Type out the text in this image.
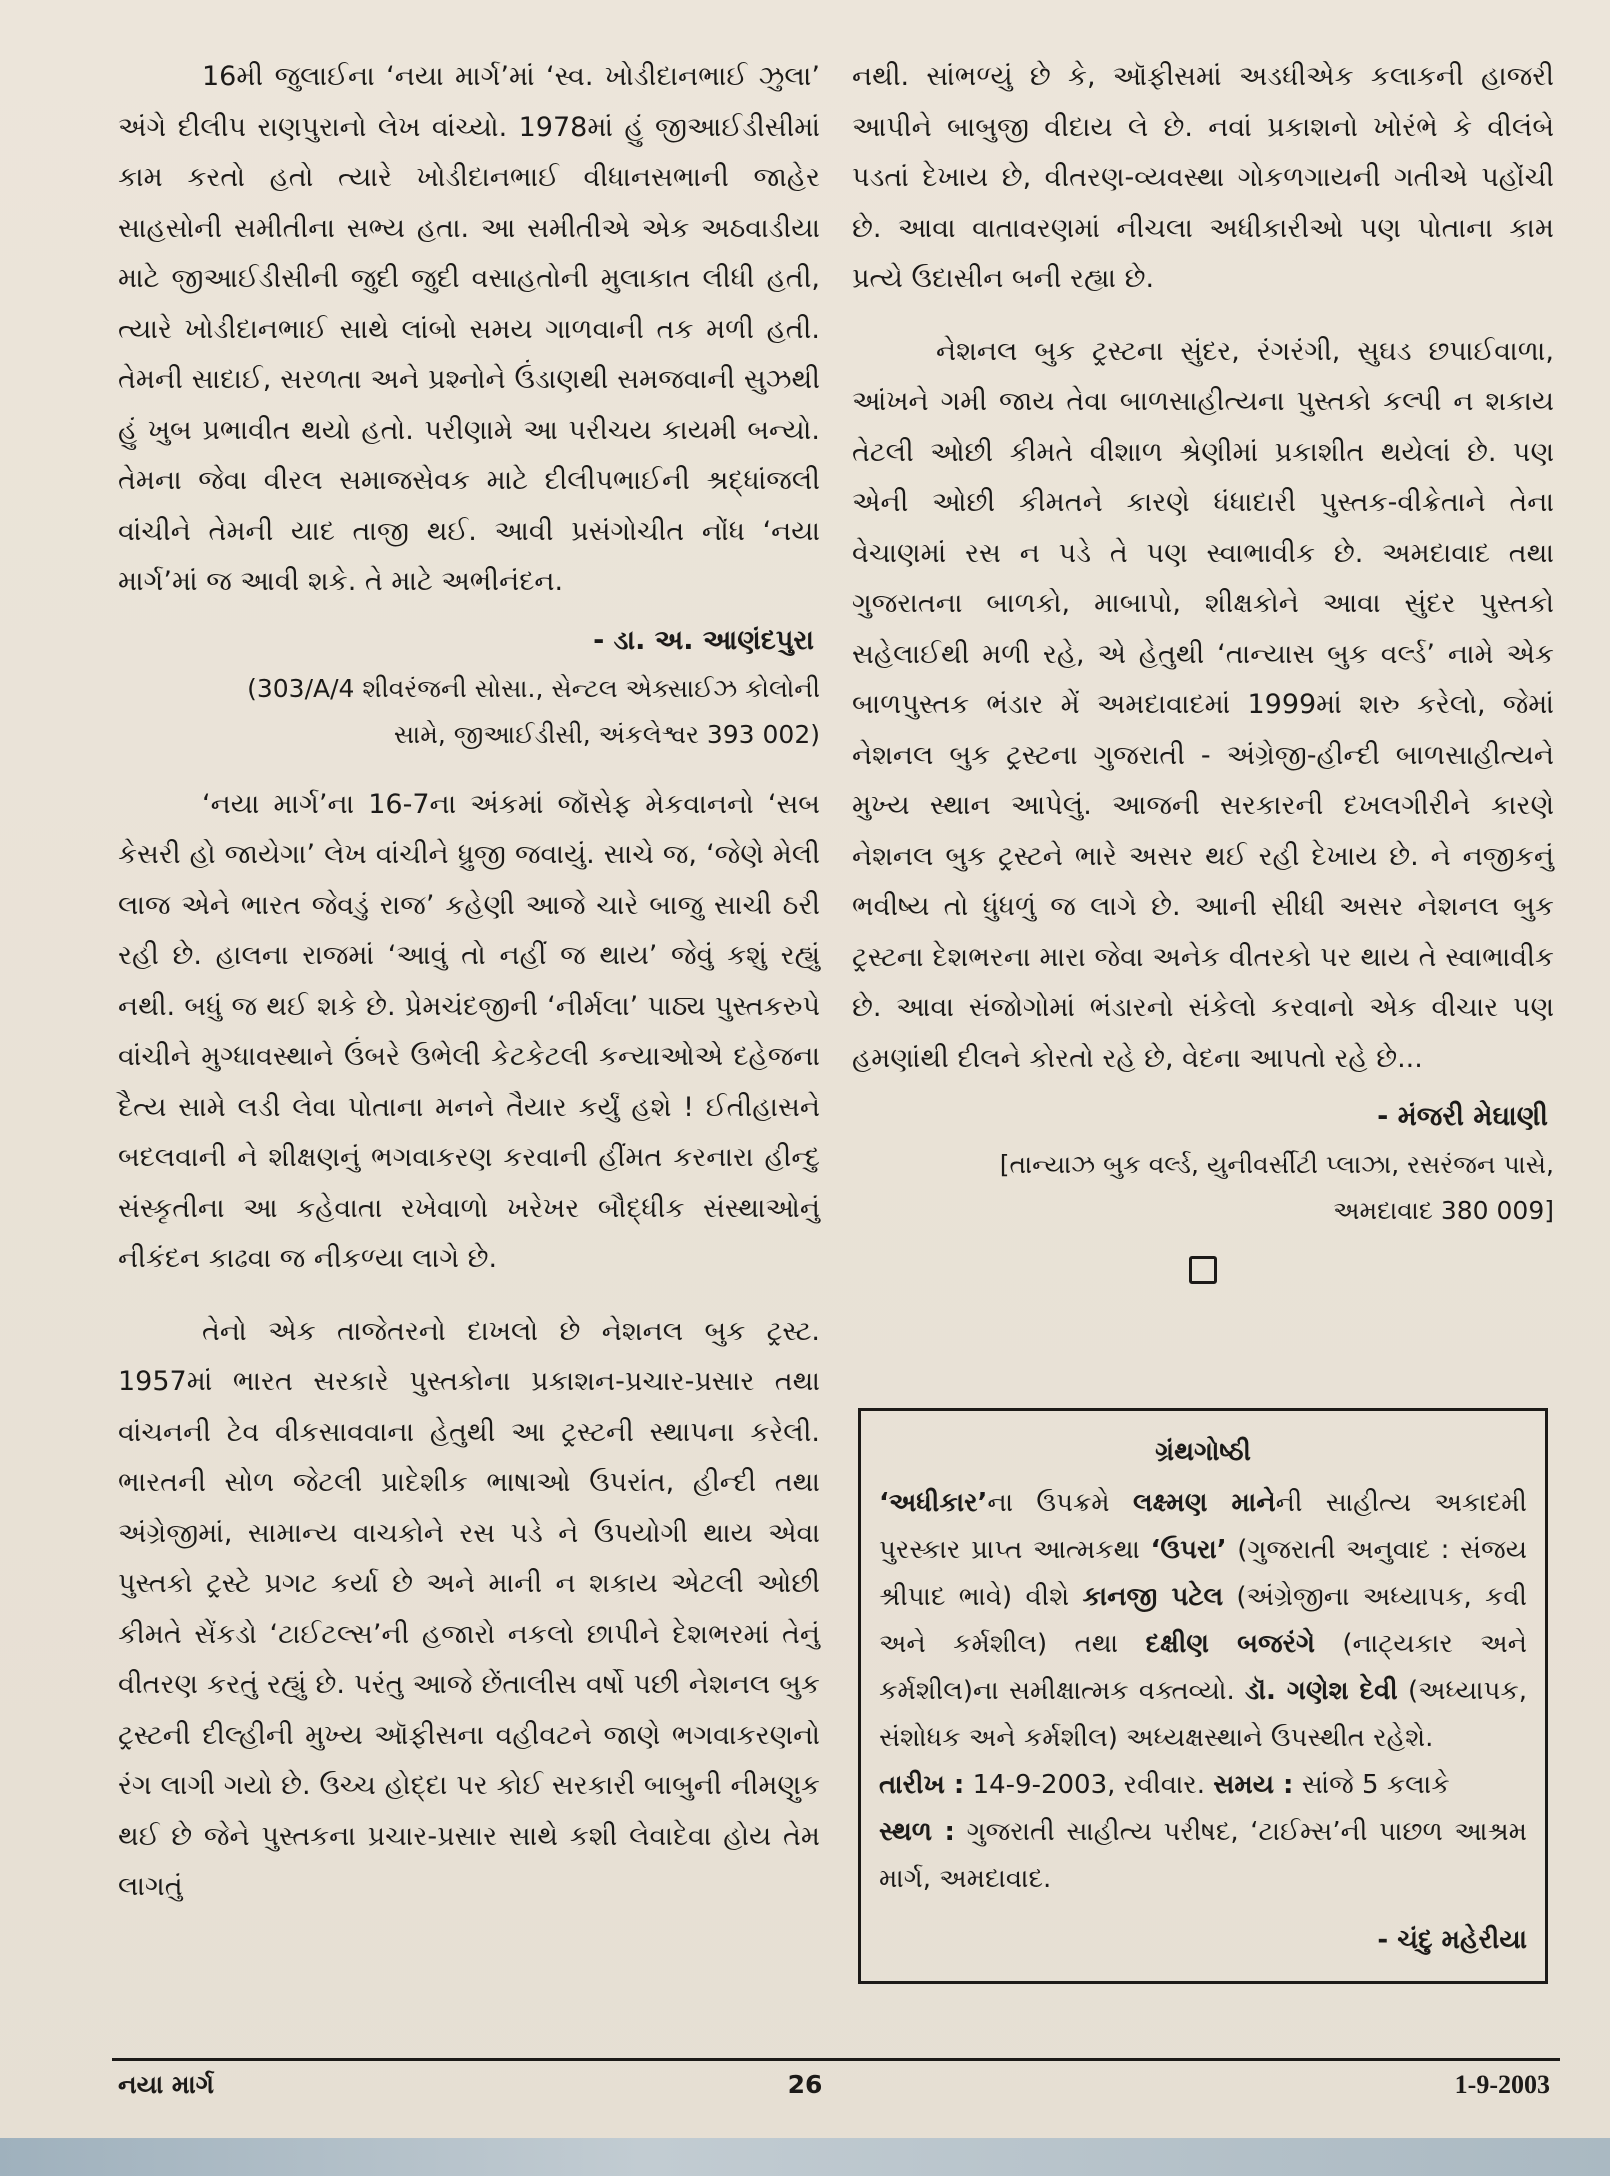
16મી જુલાઈના ‘નયા માર્ગ’માં ‘સ્વ. ખોડીદાનભાઈ ઝુલા’ અંગે દીલીપ રાણપુરાનો લેખ વાંચ્યો. 1978માં હું જીઆઈડીસીમાં કામ કરતો હતો ત્યારે ખોડીદાનભાઈ વીધાનસભાની જાહેર સાહસોની સમીતીના સભ્ય હતા. આ સમીતીએ એક અઠવાડીયા માટે જીઆઈડીસીની જુદી જુદી વસાહતોની મુલાકાત લીધી હતી, ત્યારે ખોડીદાનભાઈ સાથે લાંબો સમય ગાળવાની તક મળી હતી. તેમની સાદાઈ, સરળતા અને પ્રશ્નોને ઉંડાણથી સમજવાની સુઝથી હું ખુબ પ્રભાવીત થયો હતો. પરીણામે આ પરીચય કાયમી બન્યો. તેમના જેવા વીરલ સમાજસેવક માટે દીલીપભાઈની શ્રદ્ધાંજલી વાંચીને તેમની યાદ તાજી થઈ. આવી પ્રસંગોચીત નોંધ ‘નયા માર્ગ’માં જ આવી શકે. તે માટે અભીનંદન.

- ડા. અ. આણંદપુરા
(303/A/4 શીવરંજની સોસા., સેન્ટલ એક્સાઈઝ કોલોની
સામે, જીઆઈડીસી, અંકલેશ્વર 393 002)

‘નયા માર્ગ’ના 16-7ના અંકમાં જૉસેફ મેકવાનનો ‘સબ કેસરી હો જાયેગા’ લેખ વાંચીને ધ્રુજી જવાયું. સાચે જ, ‘જેણે મેલી લાજ એને ભારત જેવડું રાજ’ કહેણી આજે ચારે બાજુ સાચી ઠરી રહી છે. હાલના રાજમાં ‘આવું તો નહીં જ થાય’ જેવું કશું રહ્યું નથી. બધું જ થઈ શકે છે. પ્રેમચંદજીની ‘નીર્મલા’ પાઠ્ય પુસ્તકરુપે વાંચીને મુગ્ધાવસ્થાને ઉંબરે ઉભેલી કેટકેટલી કન્યાઓએ દહેજના દૈત્ય સામે લડી લેવા પોતાના મનને તૈયાર કર્યું હશે ! ઈતીહાસને બદલવાની ને શીક્ષણનું ભગવાકરણ કરવાની હીંમત કરનારા હીન્દુ સંસ્કૃતીના આ કહેવાતા રખેવાળો ખરેખર બૌદ્ધીક સંસ્થાઓનું નીકંદન કાઢવા જ નીકળ્યા લાગે છે.

તેનો એક તાજેતરનો દાખલો છે નેશનલ બુક ટ્રસ્ટ. 1957માં ભારત સરકારે પુસ્તકોના પ્રકાશન-પ્રચાર-પ્રસાર તથા વાંચનની ટેવ વીકસાવવાના હેતુથી આ ટ્રસ્ટની સ્થાપના કરેલી. ભારતની સોળ જેટલી પ્રાદેશીક ભાષાઓ ઉપરાંત, હીન્દી તથા અંગ્રેજીમાં, સામાન્ય વાચકોને રસ પડે ને ઉપયોગી થાય એવા પુસ્તકો ટ્રસ્ટે પ્રગટ કર્યા છે અને માની ન શકાય એટલી ઓછી કીમતે સેંકડો ‘ટાઈટલ્સ’ની હજારો નકલો છાપીને દેશભરમાં તેનું વીતરણ કરતું રહ્યું છે. પરંતુ આજે છેંતાલીસ વર્ષો પછી નેશનલ બુક ટ્રસ્ટની દીલ્હીની મુખ્ય ઑફીસના વહીવટને જાણે ભગવાકરણનો રંગ લાગી ગયો છે. ઉચ્ચ હોદ્દા પર કોઈ સરકારી બાબુની નીમણુક થઈ છે જેને પુસ્તકના પ્રચાર-પ્રસાર સાથે કશી લેવાદેવા હોય તેમ લાગતું

નથી. સાંભળ્યું છે કે, ઑફીસમાં અડધીએક કલાકની હાજરી આપીને બાબુજી વીદાય લે છે. નવાં પ્રકાશનો ખોરંભે કે વીલંબે પડતાં દેખાય છે, વીતરણ-વ્યવસ્થા ગોકળગાયની ગતીએ પહોંચી છે. આવા વાતાવરણમાં નીચલા અધીકારીઓ પણ પોતાના કામ પ્રત્યે ઉદાસીન બની રહ્યા છે.

નેશનલ બુક ટ્રસ્ટના સુંદર, રંગરંગી, સુઘડ છપાઈવાળા, આંખને ગમી જાય તેવા બાળસાહીત્યના પુસ્તકો કલ્પી ન શકાય તેટલી ઓછી કીમતે વીશાળ શ્રેણીમાં પ્રકાશીત થયેલાં છે. પણ એની ઓછી કીમતને કારણે ધંધાદારી પુસ્તક-વીક્રેતાને તેના વેચાણમાં રસ ન પડે તે પણ સ્વાભાવીક છે. અમદાવાદ તથા ગુજરાતના બાળકો, માબાપો, શીક્ષકોને આવા સુંદર પુસ્તકો સહેલાઈથી મળી રહે, એ હેતુથી ‘તાન્યાસ બુક વર્લ્ડ’ નામે એક બાળપુસ્તક ભંડાર મેં અમદાવાદમાં 1999માં શરુ કરેલો, જેમાં નેશનલ બુક ટ્રસ્ટના ગુજરાતી - અંગ્રેજી-હીન્દી બાળસાહીત્યને મુખ્ય સ્થાન આપેલું. આજની સરકારની દખલગીરીને કારણે નેશનલ બુક ટ્રસ્ટને ભારે અસર થઈ રહી દેખાય છે. ને નજીકનું ભવીષ્ય તો ધુંધળું જ લાગે છે. આની સીધી અસર નેશનલ બુક ટ્રસ્ટના દેશભરના મારા જેવા અનેક વીતરકો પર થાય તે સ્વાભાવીક છે. આવા સંજોગોમાં ભંડારનો સંકેલો કરવાનો એક વીચાર પણ હમણાંથી દીલને કોરતો રહે છે, વેદના આપતો રહે છે...

- મંજરી મેઘાણી
[તાન્યાઝ બુક વર્લ્ડ, યુનીવર્સીટી પ્લાઝા, રસરંજન પાસે,
અમદાવાદ 380 009]
ગ્રંથગોષ્ઠી

‘અધીકાર’ના ઉપક્રમે લક્ષ્મણ માનેની સાહીત્ય અકાદમી પુરસ્કાર પ્રાપ્ત આત્મકથા ‘ઉપરા’ (ગુજરાતી અનુવાદ : સંજય શ્રીપાદ ભાવે) વીશે કાનજી પટેલ (અંગ્રેજીના અધ્યાપક, કવી અને કર્મશીલ) તથા દક્ષીણ બજરંગે (નાટ્યકાર અને કર્મશીલ)ના સમીક્ષાત્મક વક્તવ્યો. ડૉ. ગણેશ દેવી (અધ્યાપક, સંશોધક અને કર્મશીલ) અધ્યક્ષસ્થાને ઉપસ્થીત રહેશે.

તારીખ : 14-9-2003, રવીવાર. સમય : સાંજે 5 કલાકે

સ્થળ : ગુજરાતી સાહીત્ય પરીષદ, ‘ટાઈમ્સ’ની પાછળ આશ્રમ માર્ગ, અમદાવાદ.

- ચંદુ મહેરીયા
નયા માર્ગ	26	1-9-2003
